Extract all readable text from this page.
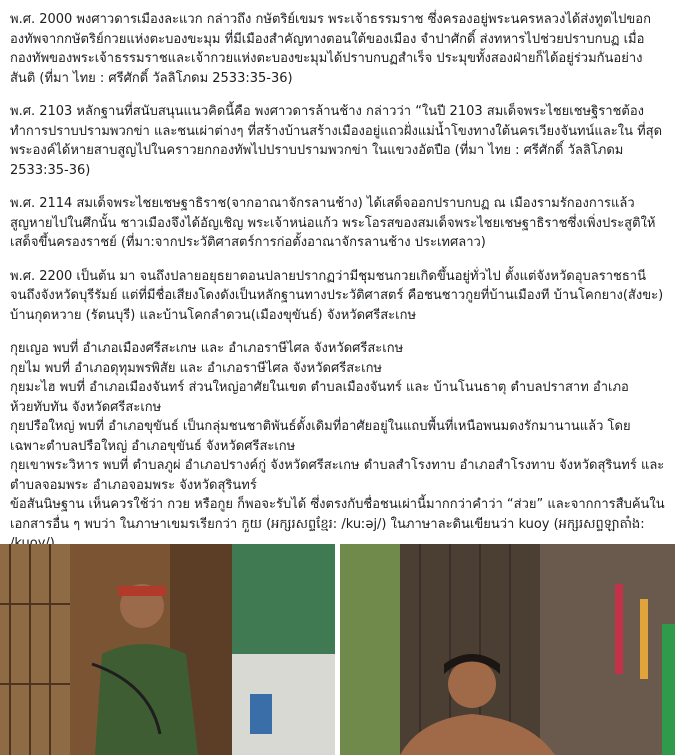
พ.ศ. 2000 พงศาวดารเมืองละแวก กล่าวถึง กษัตริย์เขมร พระเจ้าธรรมราช ซึ่งครองอยู่พระนครหลวงได้ส่งทูตไปขอกองทัพจากกษัตริย์กวยแห่งตะบองขะมุม ที่มีเมืองสำคัญทางตอนใต้ของเมือง จำปาศักดิ์ ส่งทหารไปช่วยปราบกบฏ เมื่อกองทัพของพระเจ้าธรรมราชและเจ้ากวยแห่งตะบองขะมุมได้ปราบกบฏสำเร็จ ประมุขทั้งสองฝ่ายก็ได้อยู่ร่วมกันอย่างสันติ (ที่มา ไทย : ศรีศักดิ์ วัลลิโภดม 2533:35-36)

พ.ศ. 2103 หลักฐานที่สนับสนุนแนวคิดนี้คือ พงศาวดารล้านช้าง กล่าวว่า “ในปี 2103 สมเด็จพระไชยเชษฐิราชต้องทำการปราบปรามพวกข่า และชนเผ่าต่างๆ ที่สร้างบ้านสร้างเมืองอยู่แถวฝั่งแม่น้ำโขงทางใต้นครเวียงจันทน์และใน ที่สุดพระองค์ได้หายสาบสูญไปในคราวยกกองทัพไปปราบปรามพวกข่า ในแขวงอัตปือ (ที่มา ไทย : ศรีศักดิ์ วัลลิโภดม 2533:35-36)

พ.ศ. 2114 สมเด็จพระไชยเชษฐาธิราช(จากอาณาจักรลานช้าง) ได้เสด็จออกปราบกบฏ ณ เมืองรามรักองการแล้วสูญหายไปในศึกนั้น ชาวเมืองจึงได้อัญเชิญ พระเจ้าหน่อแก้ว พระโอรสของสมเด็จพระไชยเชษฐาธิราชซึ่งเพิ่งประสูติให้เสด็จขึ้นครองราชย์ (ที่มา:จากประวัติศาสตร์การก่อตั้งอาณาจักรลานช้าง ประเทศลาว)

พ.ศ. 2200 เป็นต้น มา จนถึงปลายอยุธยาตอนปลายปรากฏว่ามีชุมชนกวยเกิดขึ้นอยู่ทั่วไป ตั้งแต่จังหวัดอุบลราชธานีจนถึงจังหวัดบุรีรัมย์ แต่ที่มีชื่อเสียงโดงดังเป็นหลักฐานทางประวัติศาสตร์ คือชนชาวกูยที่บ้านเมืองที บ้านโคกยาง(สังขะ) บ้านกุดหวาย (รัตนบุรี) และบ้านโคกลำดวน(เมืองขุขันธ์) จังหวัดศรีสะเกษ

กุยเญอ พบที่ อำเภอเมืองศรีสะเกษ และ อำเภอราษีไศล จังหวัดศรีสะเกษ

กุยไม พบที่ อำเภอดุทุมพรพิสัย และ อำเภอราษีไศล จังหวัดศรีสะเกษ

กุยมะไฮ พบที่ อำเภอเมืองจันทร์ ส่วนใหญ่อาศัยในเขต ตำบลเมืองจันทร์ และ บ้านโนนธาตุ ตำบลปราสาท อำเภอห้วยทับทัน จังหวัดศรีสะเกษ

กุยปรือใหญ่ พบที่ อำเภอขุขันธ์ เป็นกลุ่มชนชาติพันธ์ดั้งเดิมที่อาศัยอยู่ในแถบพื้นที่เหนือพนมดงรักมานานแล้ว โดยเฉพาะตำบลปรือใหญ่ อำเภอขุขันธ์ จังหวัดศรีสะเกษ

กุยเขาพระวิหาร พบที่ ตำบลภูผ่ อำเภอปรางค์กู่ จังหวัดศรีสะเกษ ตำบลสำโรงทาบ อำเภอสำโรงทาบ จังหวัดสุรินทร์ และ ตำบลจอมพระ อำเภอจอมพระ จังหวัดสุรินทร์

ข้อสันนิษฐาน เห็นควรใช้ว่า กวย หรือกูย ก็พอจะรับได้ ซึ่งตรงกับชื่อชนเผ่านี้มากกว่าคำว่า “ส่วย” และจากการสืบค้นในเอกสารอื่น ๆ พบว่า ในภาษาเขมรเรียกว่า កួយ (អក្សរសព្ទខ្មែរ: /kuːəj/) ในภาษาละดินเขียนว่า kuoy (អក្សរសព្ទឡាតាំង:
